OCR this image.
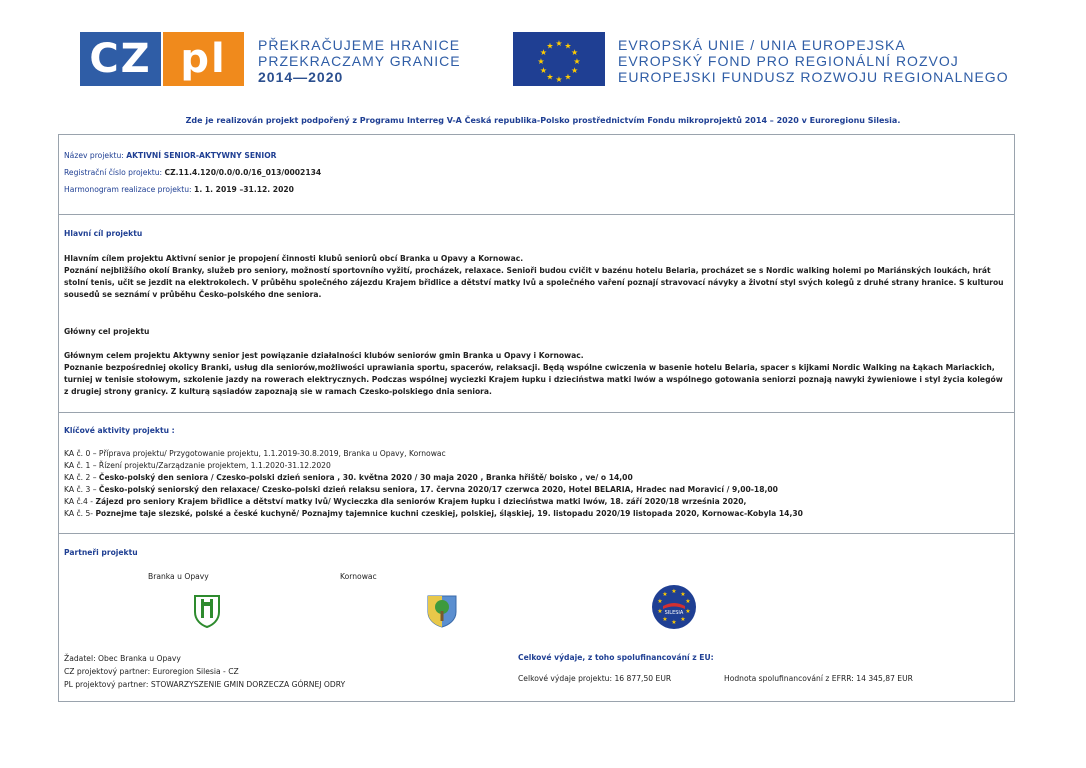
CZ pl	PŘEKRAČUJEME HRANICE
PRZEKRACZAMY GRANICE
2014—2020
★ ★
★
★
★
★
★
★
★
★
★
★	EVROPSKÁ UNIE / UNIA EUROPEJSKA
EVROPSKÝ FOND PRO REGIONÁLNÍ ROZVOJ
EUROPEJSKI FUNDUSZ ROZWOJU REGIONALNEGO
Zde je realizován projekt podpořený z Programu Interreg V-A Česká republika-Polsko prostřednictvím Fondu mikroprojektů 2014 – 2020 v Euroregionu Silesia.
Název projektu: AKTIVNÍ SENIOR-AKTYWNY SENIOR
Registrační číslo projektu: CZ.11.4.120/0.0/0.0/16_013/0002134
Harmonogram realizace projektu: 1. 1. 2019 –31.12. 2020
Hlavní cíl projektu
Hlavním cílem projektu Aktivní senior je propojení činnosti klubů seniorů obcí Branka u Opavy a Kornowac.
Poznání nejbližšího okolí Branky, služeb pro seniory, možností sportovního vyžití, procházek, relaxace. Senioři budou cvičit v bazénu hotelu Belaria, procházet se s Nordic walking holemi po Mariánských loukách, hrát stolní tenis, učit se jezdit na elektrokolech. V průběhu společného zájezdu Krajem břidlice a dětství matky lvů a společného vaření poznají stravovací návyky a životní styl svých kolegů z druhé strany hranice. S kulturou sousedů se seznámí v průběhu Česko-polského dne seniora.
Główny cel projektu
Głównym celem projektu Aktywny senior jest powiązanie działalności klubów seniorów gmin Branka u Opavy i Kornowac.
Poznanie bezpośredniej okolicy Branki, usług dla seniorów,możliwości uprawiania sportu, spacerów, relaksacji. Będą wspólne cwiczenia w basenie hotelu Belaria, spacer s kijkami Nordic Walking na Łąkach Mariackich, turniej w tenisie stołowym, szkolenie jazdy na rowerach elektrycznych. Podczas wspólnej wyciezki Krajem łupku i dzieciństwa matki lwów a wspólnego gotowania seniorzi poznają nawyki żywieniowe i styl życia kolegów z drugiej strony granicy. Z kulturą sąsiadów zapoznają sie w ramach Czesko-polskiego dnia seniora.
Klíčové aktivity projektu :
KA č. 0 – Příprava projektu/ Przygotowanie projektu, 1.1.2019-30.8.2019, Branka u Opavy, Kornowac
KA č. 1 – Řízení projektu/Zarządzanie projektem, 1.1.2020-31.12.2020
KA č. 2 – Česko-polský den seniora / Czesko-polski dzień seniora , 30. května 2020 / 30 maja 2020 , Branka hřiště/ boisko , ve/ o 14,00
KA č. 3 – Česko-polský seniorský den relaxace/ Czesko-polski dzień relaksu seniora, 17. června 2020/17 czerwca 2020, Hotel BELARIA, Hradec nad Moravicí / 9,00-18,00
KA č.4 - Zájezd pro seniory Krajem břidlice a dětství matky lvů/ Wycieczka dla seniorów Krajem łupku i dzieciństwa matki lwów, 18. září 2020/18 września 2020,
KA č. 5- Poznejme taje slezské, polské a české kuchyně/ Poznajmy tajemnice kuchni czeskiej, polskiej, śląskiej, 19. listopadu 2020/19 listopada 2020, Kornowac-Kobyla 14,30
Partneři projektu
Branka u Opavy	Kornowac
★ ★
★
★
★
★
★
★
★
★
SILESIA
Žadatel: Obec Branka u Opavy
CZ projektový partner: Euroregion Silesia - CZ
PL projektový partner: STOWARZYSZENIE GMIN DORZECZA GÓRNEJ ODRY
Celkové výdaje, z toho spolufinancování z EU:
Celkové výdaje projektu: 16 877,50 EUR	Hodnota spolufinancování z EFRR: 14 345,87 EUR
